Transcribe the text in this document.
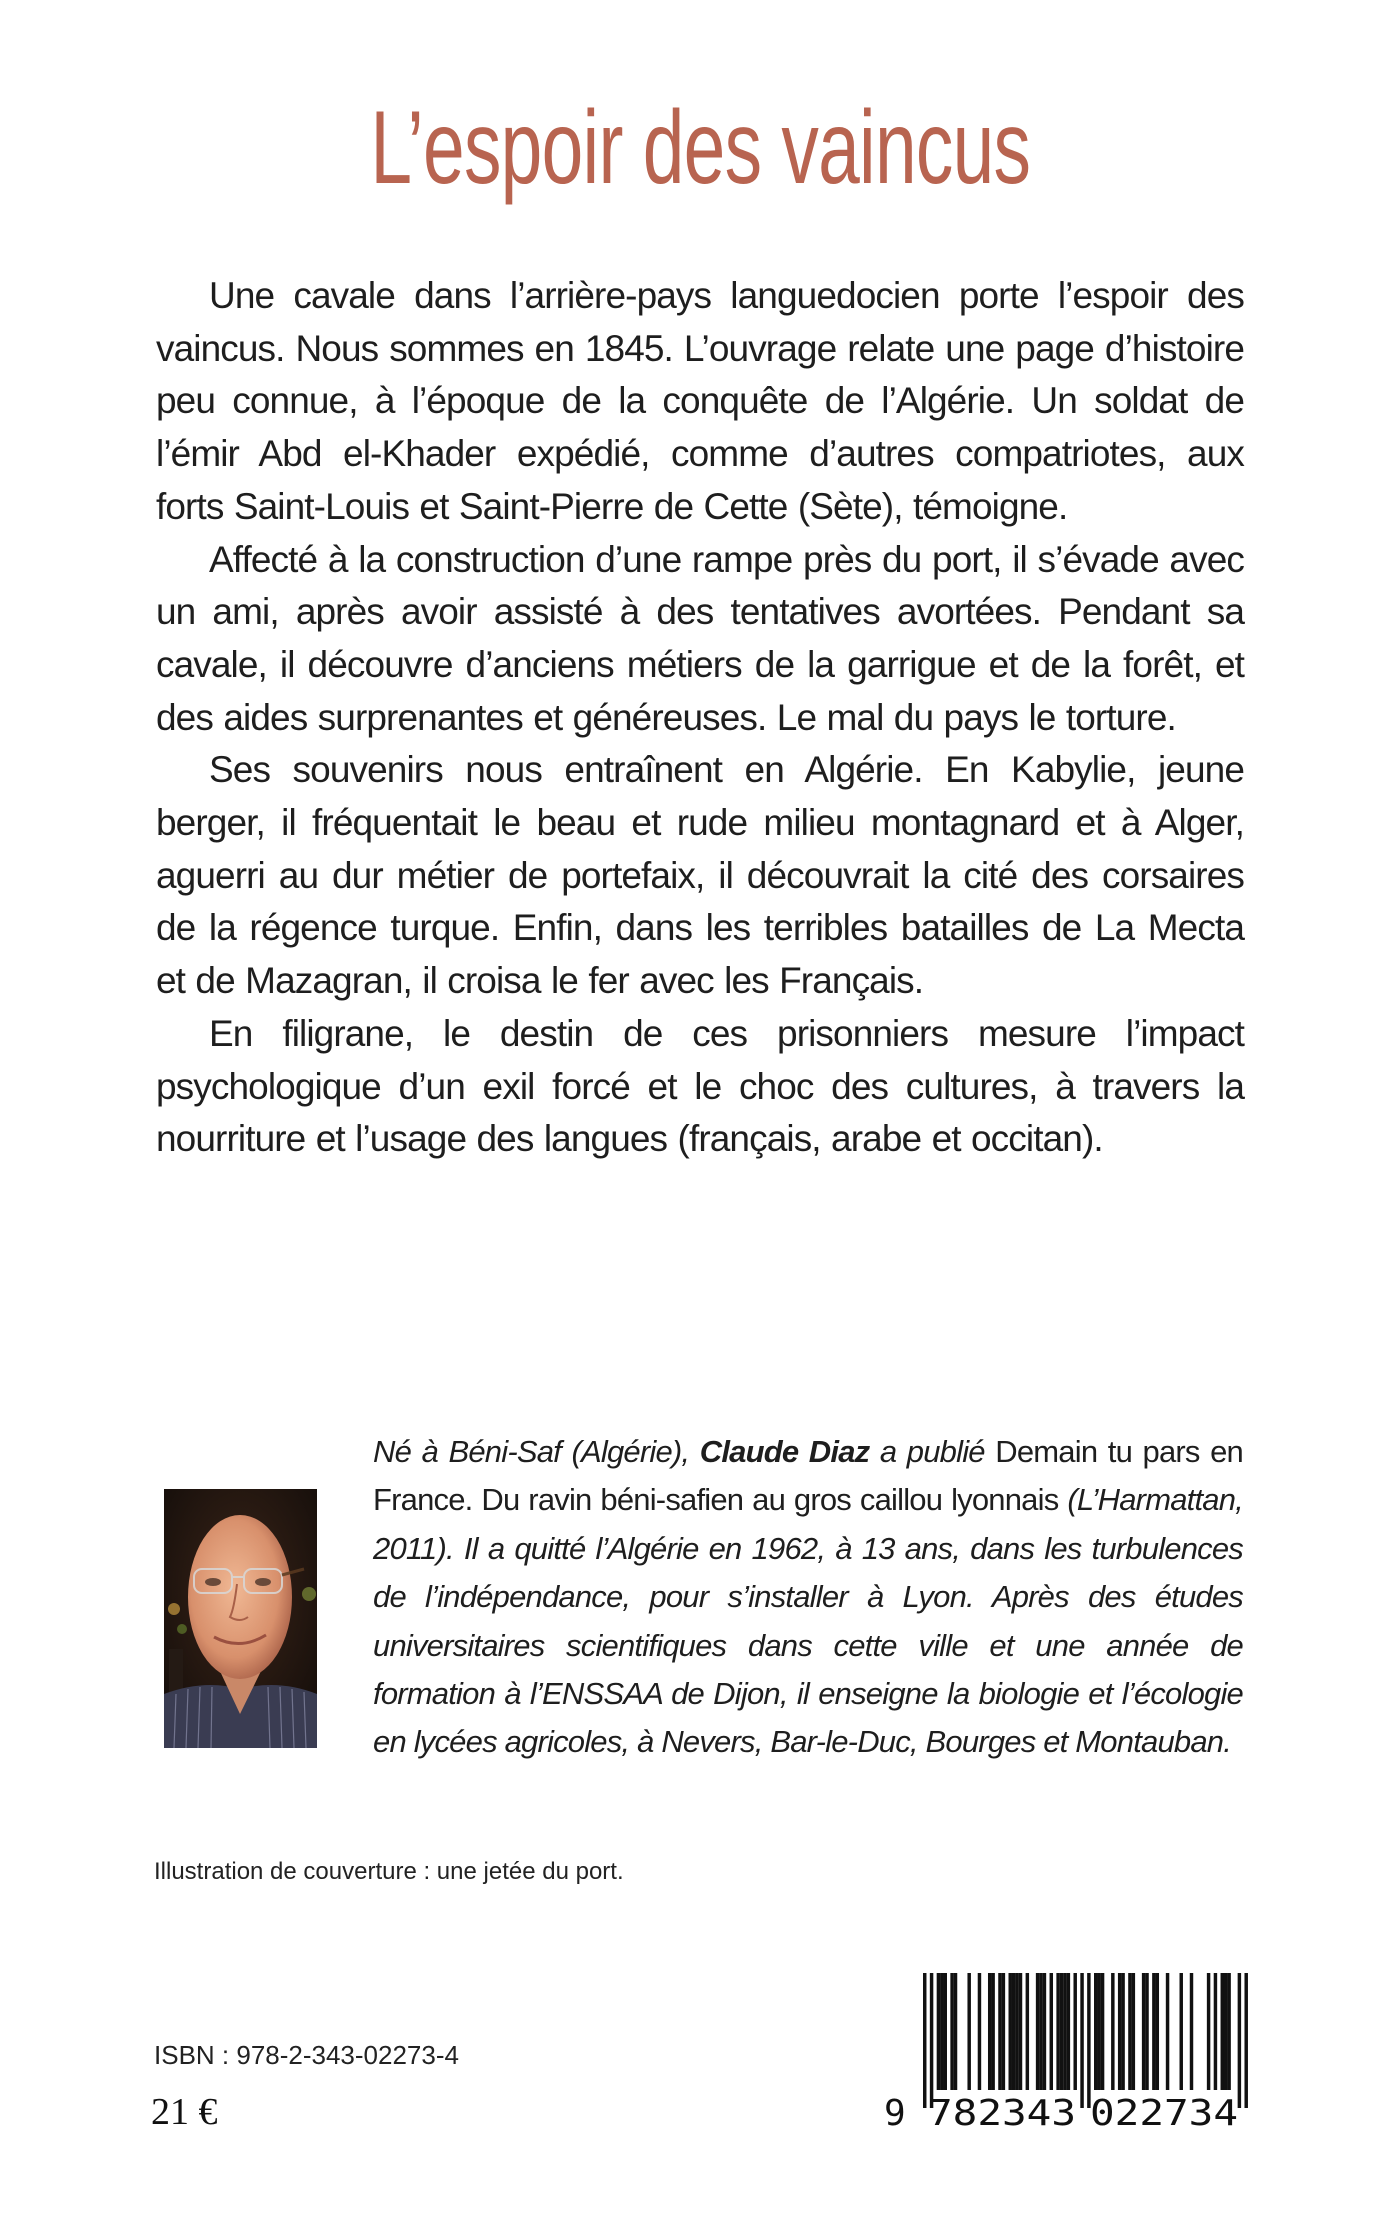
L’espoir des vaincus

Une cavale dans l’arrière-pays languedocien porte l’espoir des vaincus. Nous sommes en 1845. L’ouvrage relate une page d’histoire peu connue, à l’époque de la conquête de l’Algérie. Un soldat de l’émir Abd el-Khader expédié, comme d’autres compatriotes, aux forts Saint-Louis et Saint-Pierre de Cette (Sète), témoigne.

Affecté à la construction d’une rampe près du port, il s’évade avec un ami, après avoir assisté à des tentatives avortées. Pendant sa cavale, il découvre d’anciens métiers de la garrigue et de la forêt, et des aides surprenantes et généreuses. Le mal du pays le torture.

Ses souvenirs nous entraînent en Algérie. En Kabylie, jeune berger, il fréquentait le beau et rude milieu montagnard et à Alger, aguerri au dur métier de portefaix, il découvrait la cité des corsaires de la régence turque. Enfin, dans les terribles batailles de La Mecta et de Mazagran, il croisa le fer avec les Français.

En filigrane, le destin de ces prisonniers mesure l’impact psychologique d’un exil forcé et le choc des cultures, à travers la nourriture et l’usage des langues (français, arabe et occitan).

Né à Béni-Saf (Algérie), Claude Diaz a publié Demain tu pars en France. Du ravin béni-safien au gros caillou lyonnais (L’Harmattan, 2011). Il a quitté l’Algérie en 1962, à 13 ans, dans les turbulences de l’indépendance, pour s’installer à Lyon. Après des études universitaires scientifiques dans cette ville et une année de formation à l’ENSSAA de Dijon, il enseigne la biologie et l’écologie en lycées agricoles, à Nevers, Bar-le-Duc, Bourges et Montauban.
Illustration de couverture : une jetée du port.
ISBN : 978-2-343-02273-4
21 €	9 782343 022734
